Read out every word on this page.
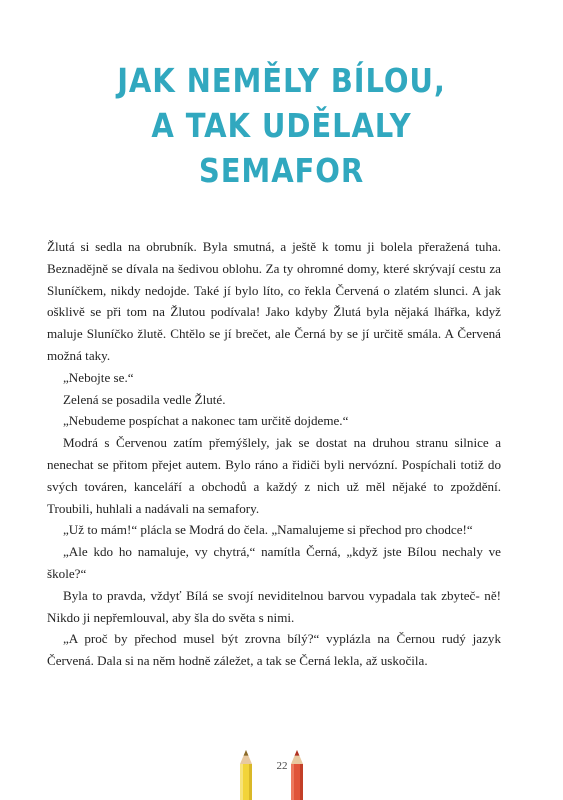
JAK NEMĚLY BÍLOU,
A TAK UDĚLALY
SEMAFOR

Žlutá si sedla na obrubník. Byla smutná, a ještě k tomu ji bolela přeražená tuha. Beznadějně se dívala na šedivou oblohu. Za ty ohromné domy, které skrývají cestu za Sluníčkem, nikdy nedojde. Také jí bylo líto, co řekla Červená o zlatém slunci. A jak ošklivě se při tom na Žlutou podívala! Jako kdyby Žlutá byla nějaká lhářka, když maluje Sluníčko žlutě. Chtělo se jí brečet, ale Černá by se jí určitě smála. A Červená možná taky.

„Nebojte se.“

Zelená se posadila vedle Žluté.

„Nebudeme pospíchat a nakonec tam určitě dojdeme.“

Modrá s Červenou zatím přemýšlely, jak se dostat na druhou stranu silnice a nenechat se přitom přejet autem. Bylo ráno a řidiči byli nervózní. Pospíchali totiž do svých továren, kanceláří a obchodů a každý z nich už měl nějaké to zpoždění. Troubili, huhlali a nadávali na semafory.

„Už to mám!“ plácla se Modrá do čela. „Namalujeme si přechod pro chodce!“

„Ale kdo ho namaluje, vy chytrá,“ namítla Černá, „když jste Bílou nechaly ve škole?“

Byla to pravda, vždyť Bílá se svojí neviditelnou barvou vypadala tak zbyteč- ně! Nikdo ji nepřemlouval, aby šla do světa s nimi.

„A proč by přechod musel být zrovna bílý?“ vyplázla na Černou rudý jazyk Červená. Dala si na něm hodně záležet, a tak se Černá lekla, až uskočila.

22
